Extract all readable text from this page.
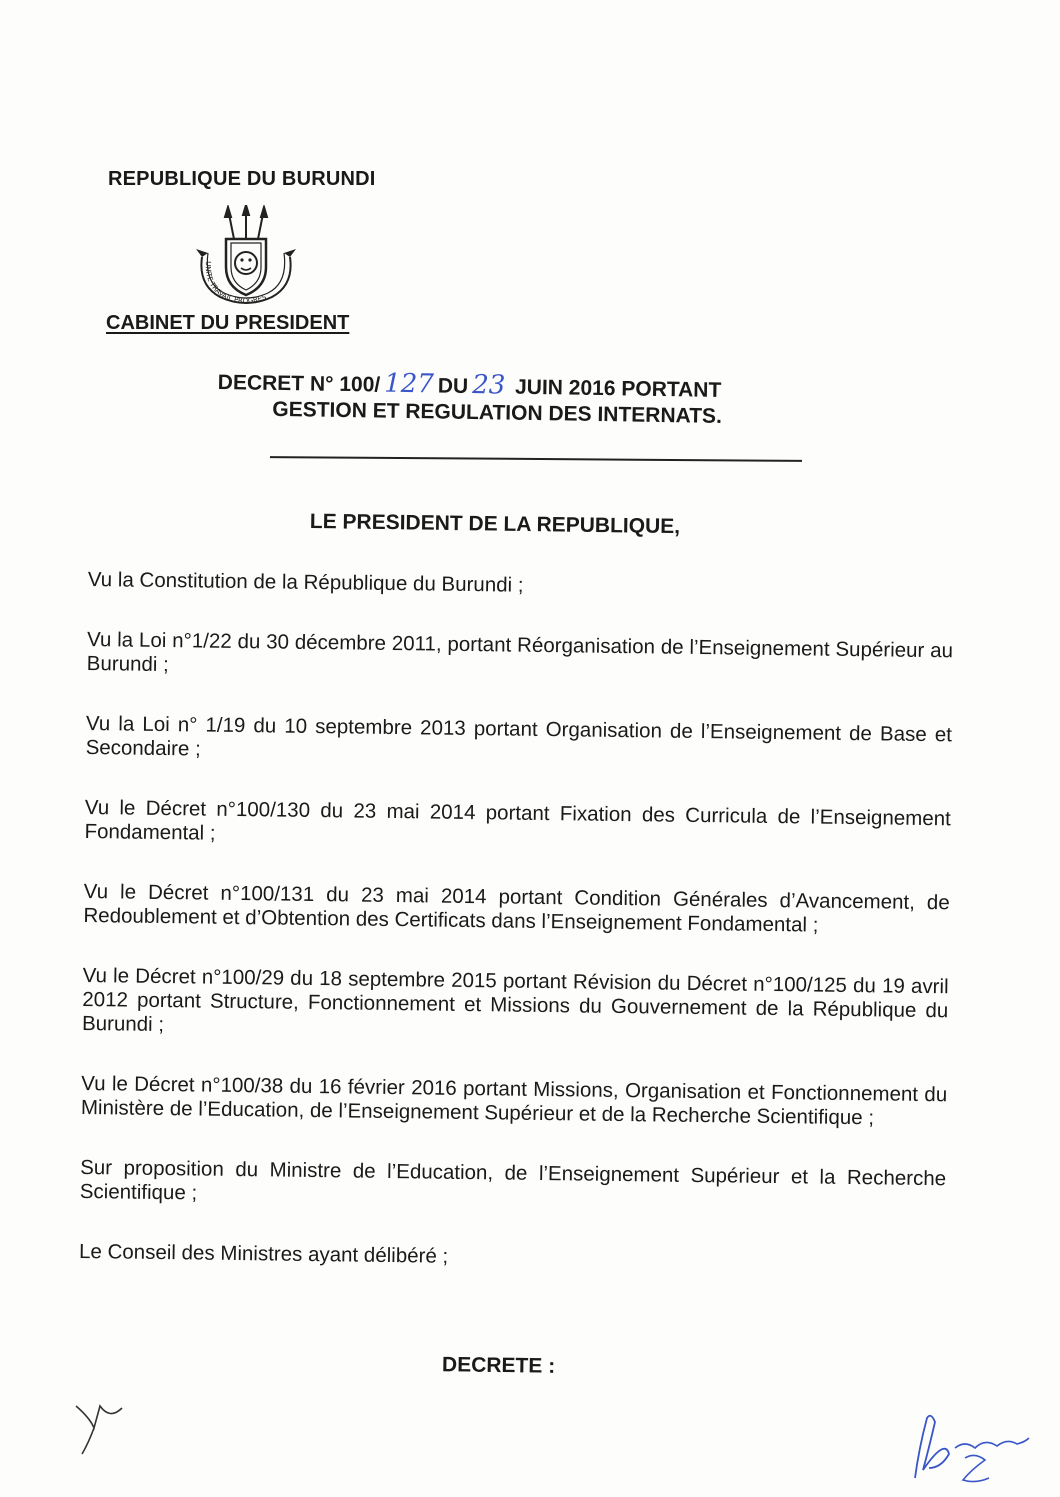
REPUBLIQUE DU BURUNDI
UNITE TRAVAIL PROGRES
CABINET DU PRESIDENT
DECRET N° 100/ 127 DU 23 JUIN 2016 PORTANT
GESTION ET REGULATION DES INTERNATS.
LE PRESIDENT DE LA REPUBLIQUE,

Vu la Constitution de la République du Burundi ;

Vu la Loi n°1/22 du 30 décembre 2011, portant Réorganisation de l’Enseignement Supérieur au Burundi ;

Vu la Loi n° 1/19 du 10 septembre 2013 portant Organisation de l’Enseignement de Base et Secondaire ;

Vu le Décret n°100/130 du 23 mai 2014 portant Fixation des Curricula de l’Enseignement Fondamental ;

Vu le Décret n°100/131 du 23 mai 2014 portant Condition Générales d’Avancement, de Redoublement et d’Obtention des Certificats dans l’Enseignement Fondamental ;

Vu le Décret n°100/29 du 18 septembre 2015 portant Révision du Décret n°100/125 du 19 avril 2012 portant Structure, Fonctionnement et Missions du Gouvernement de la République du Burundi ;

Vu le Décret n°100/38 du 16 février 2016 portant Missions, Organisation et Fonctionnement du Ministère de l’Education, de l’Enseignement Supérieur et de la Recherche Scientifique ;

Sur proposition du Ministre de l’Education, de l’Enseignement Supérieur et la Recherche Scientifique ;

Le Conseil des Ministres ayant délibéré ;

DECRETE :
